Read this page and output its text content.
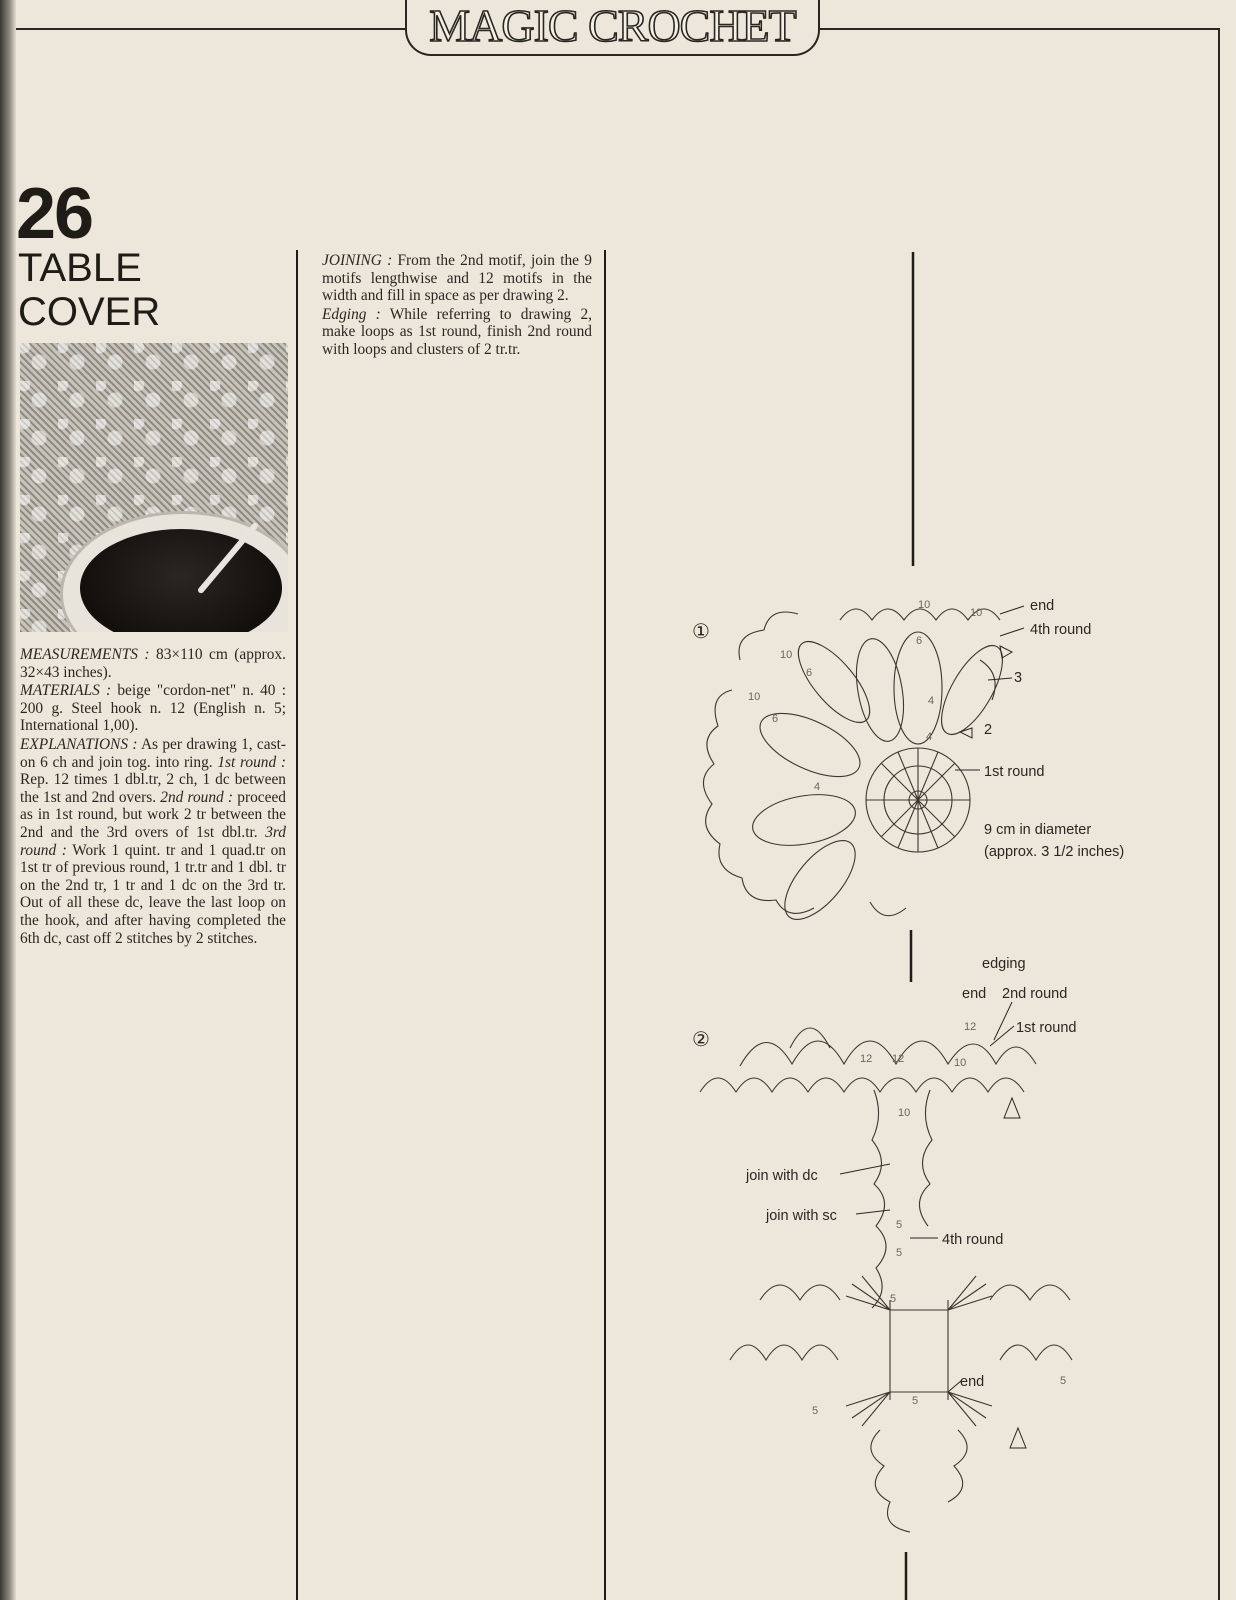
MAGIC CROCHET
26
TABLE
COVER

MEASUREMENTS : 83×110 cm (approx. 32×43 inches).

MATERIALS : beige "cordon-net" n. 40 : 200 g. Steel hook n. 12 (English n. 5; International 1,00).

EXPLANATIONS : As per drawing 1, cast-on 6 ch and join tog. into ring. 1st round : Rep. 12 times 1 dbl.tr, 2 ch, 1 dc between the 1st and 2nd overs. 2nd round : proceed as in 1st round, but work 2 tr between the 2nd and the 3rd overs of 1st dbl.tr. 3rd round : Work 1 quint. tr and 1 quad.tr on 1st tr of previous round, 1 tr.tr and 1 dbl. tr on the 2nd tr, 1 tr and 1 dc on the 3rd tr. Out of all these dc, leave the last loop on the hook, and after having completed the 6th dc, cast off 2 stitches by 2 stitches.

JOINING : From the 2nd motif, join the 9 motifs lengthwise and 12 motifs in the width and fill in space as per drawing 2.

Edging : While referring to drawing 2, make loops as 1st round, finish 2nd round with loops and clusters of 2 tr.tr.

10
10
10
10
6
6
6
4
4
4
①
end
4th round
3
2
1st round
9 cm in diameter
(approx. 3 1/2 inches)
②
12 12
12
10
10
5
5
5
5
5
5
edging
end 2nd round
1st round
join with dc
join with sc
4th round
end
